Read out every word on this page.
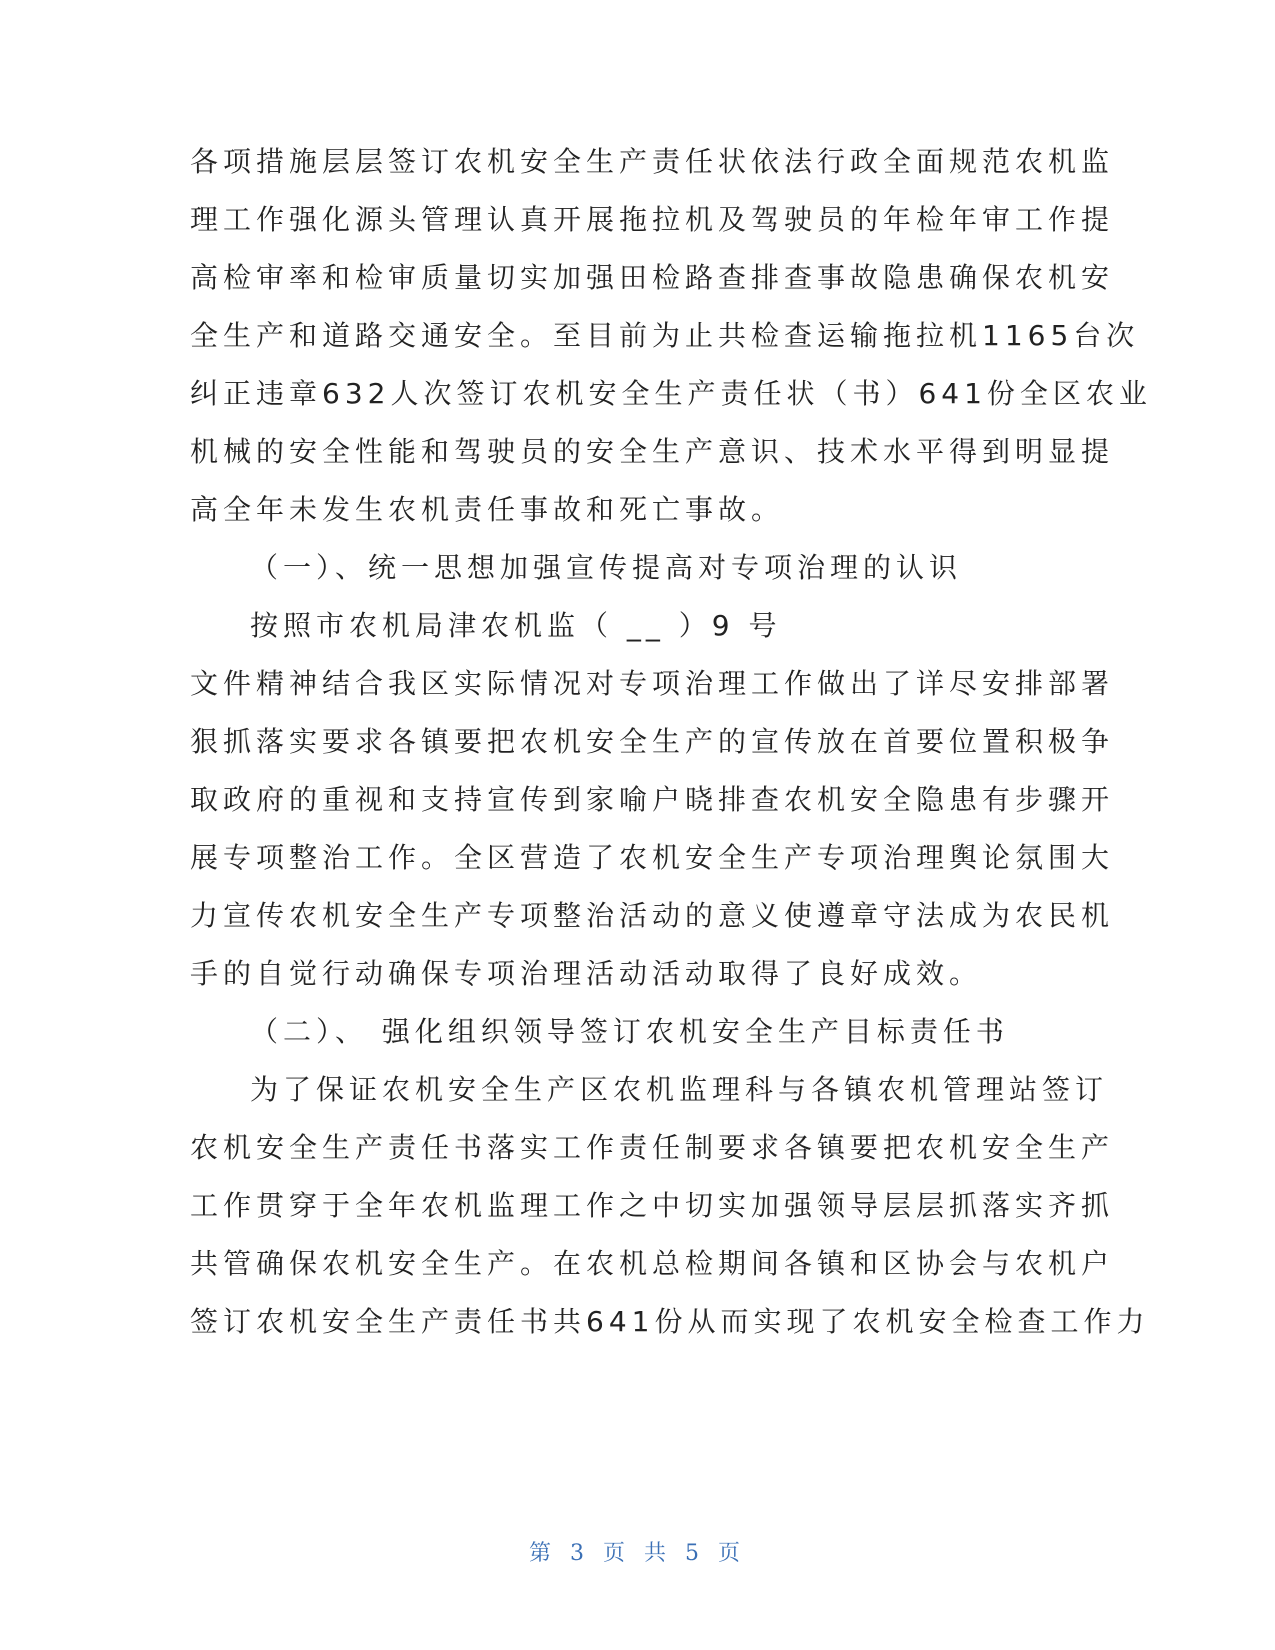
各项措施层层签订农机安全生产责任状依法行政全面规范农机监

理工作强化源头管理认真开展拖拉机及驾驶员的年检年审工作提

高检审率和检审质量切实加强田检路查排查事故隐患确保农机安

全生产和道路交通安全。至目前为止共检查运输拖拉机1165台次

纠正违章632人次签订农机安全生产责任状（书）641份全区农业

机械的安全性能和驾驶员的安全生产意识、技术水平得到明显提

高全年未发生农机责任事故和死亡事故。

（一）、统一思想加强宣传提高对专项治理的认识

按照市农机局津农机监（ __ ）9 号

文件精神结合我区实际情况对专项治理工作做出了详尽安排部署

狠抓落实要求各镇要把农机安全生产的宣传放在首要位置积极争

取政府的重视和支持宣传到家喻户晓排查农机安全隐患有步骤开

展专项整治工作。全区营造了农机安全生产专项治理舆论氛围大

力宣传农机安全生产专项整治活动的意义使遵章守法成为农民机

手的自觉行动确保专项治理活动活动取得了良好成效。

（二）、 强化组织领导签订农机安全生产目标责任书

为了保证农机安全生产区农机监理科与各镇农机管理站签订

农机安全生产责任书落实工作责任制要求各镇要把农机安全生产

工作贯穿于全年农机监理工作之中切实加强领导层层抓落实齐抓

共管确保农机安全生产。在农机总检期间各镇和区协会与农机户

签订农机安全生产责任书共641份从而实现了农机安全检查工作力

第 3 页 共 5 页
